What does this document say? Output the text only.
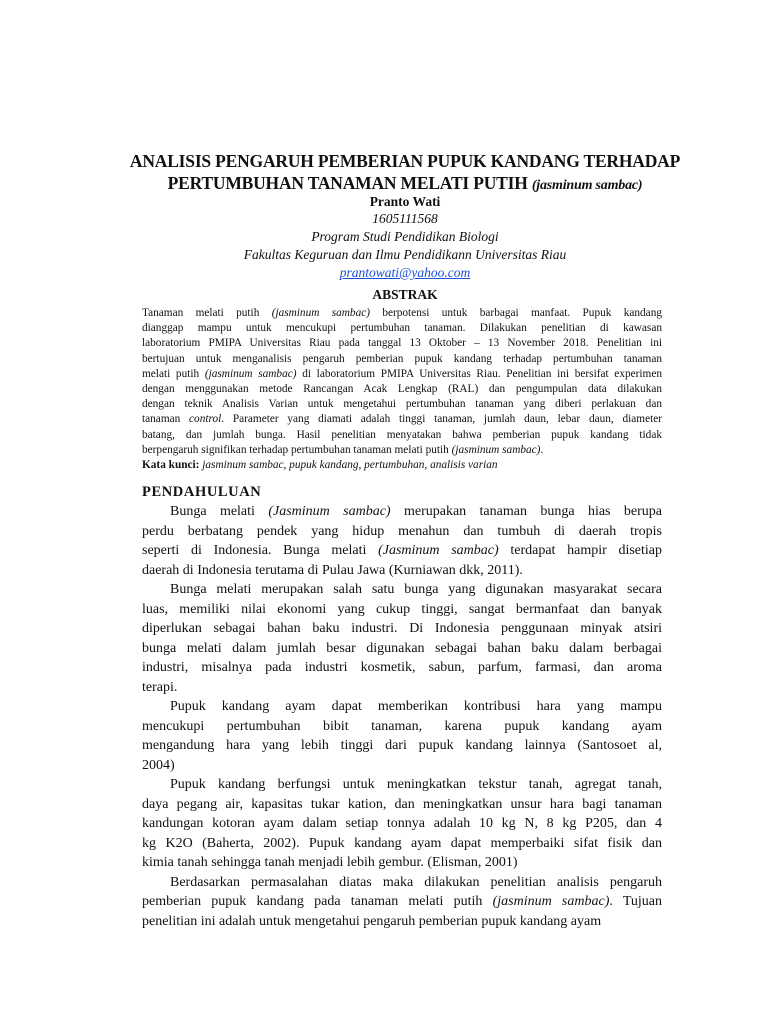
ANALISIS PENGARUH PEMBERIAN PUPUK KANDANG TERHADAP
PERTUMBUHAN TANAMAN MELATI PUTIH (jasminum sambac)
Pranto Wati
1605111568
Program Studi Pendidikan Biologi
Fakultas Keguruan dan Ilmu Pendidikann Universitas Riau
prantowati@yahoo.com
ABSTRAK
Tanaman melati putih (jasminum sambac) berpotensi untuk barbagai manfaat. Pupuk kandang
dianggap mampu untuk mencukupi pertumbuhan tanaman. Dilakukan penelitian di kawasan
laboratorium PMIPA Universitas Riau pada tanggal 13 Oktober – 13 November 2018. Penelitian ini
bertujuan untuk menganalisis pengaruh pemberian pupuk kandang terhadap pertumbuhan tanaman
melati putih (jasminum sambac) di laboratorium PMIPA Universitas Riau. Penelitian ini bersifat experimen
dengan menggunakan metode Rancangan Acak Lengkap (RAL) dan pengumpulan data dilakukan
dengan teknik Analisis Varian untuk mengetahui pertumbuhan tanaman yang diberi perlakuan dan
tanaman control. Parameter yang diamati adalah tinggi tanaman, jumlah daun, lebar daun, diameter
batang, dan jumlah bunga. Hasil penelitian menyatakan bahwa pemberian pupuk kandang tidak
berpengaruh signifikan terhadap pertumbuhan tanaman melati putih (jasminum sambac).
Kata kunci: jasminum sambac, pupuk kandang, pertumbuhan, analisis varian
PENDAHULUAN
Bunga melati (Jasminum sambac) merupakan tanaman bunga hias berupa
perdu berbatang pendek yang hidup menahun dan tumbuh di daerah tropis
seperti di Indonesia. Bunga melati (Jasminum sambac) terdapat hampir disetiap
daerah di Indonesia terutama di Pulau Jawa (Kurniawan dkk, 2011).
Bunga melati merupakan salah satu bunga yang digunakan masyarakat secara
luas, memiliki nilai ekonomi yang cukup tinggi, sangat bermanfaat dan banyak
diperlukan sebagai bahan baku industri. Di Indonesia penggunaan minyak atsiri
bunga melati dalam jumlah besar digunakan sebagai bahan baku dalam berbagai
industri, misalnya pada industri kosmetik, sabun, parfum, farmasi, dan aroma
terapi.
Pupuk kandang ayam dapat memberikan kontribusi hara yang mampu
mencukupi pertumbuhan bibit tanaman, karena pupuk kandang ayam
mengandung hara yang lebih tinggi dari pupuk kandang lainnya (Santosoet al,
2004)
Pupuk kandang berfungsi untuk meningkatkan tekstur tanah, agregat tanah,
daya pegang air, kapasitas tukar kation, dan meningkatkan unsur hara bagi tanaman
kandungan kotoran ayam dalam setiap tonnya adalah 10 kg N, 8 kg P205, dan 4
kg K2O (Baherta, 2002). Pupuk kandang ayam dapat memperbaiki sifat fisik dan
kimia tanah sehingga tanah menjadi lebih gembur. (Elisman, 2001)
Berdasarkan permasalahan diatas maka dilakukan penelitian analisis pengaruh
pemberian pupuk kandang pada tanaman melati putih (jasminum sambac). Tujuan
penelitian ini adalah untuk mengetahui pengaruh pemberian pupuk kandang ayam
